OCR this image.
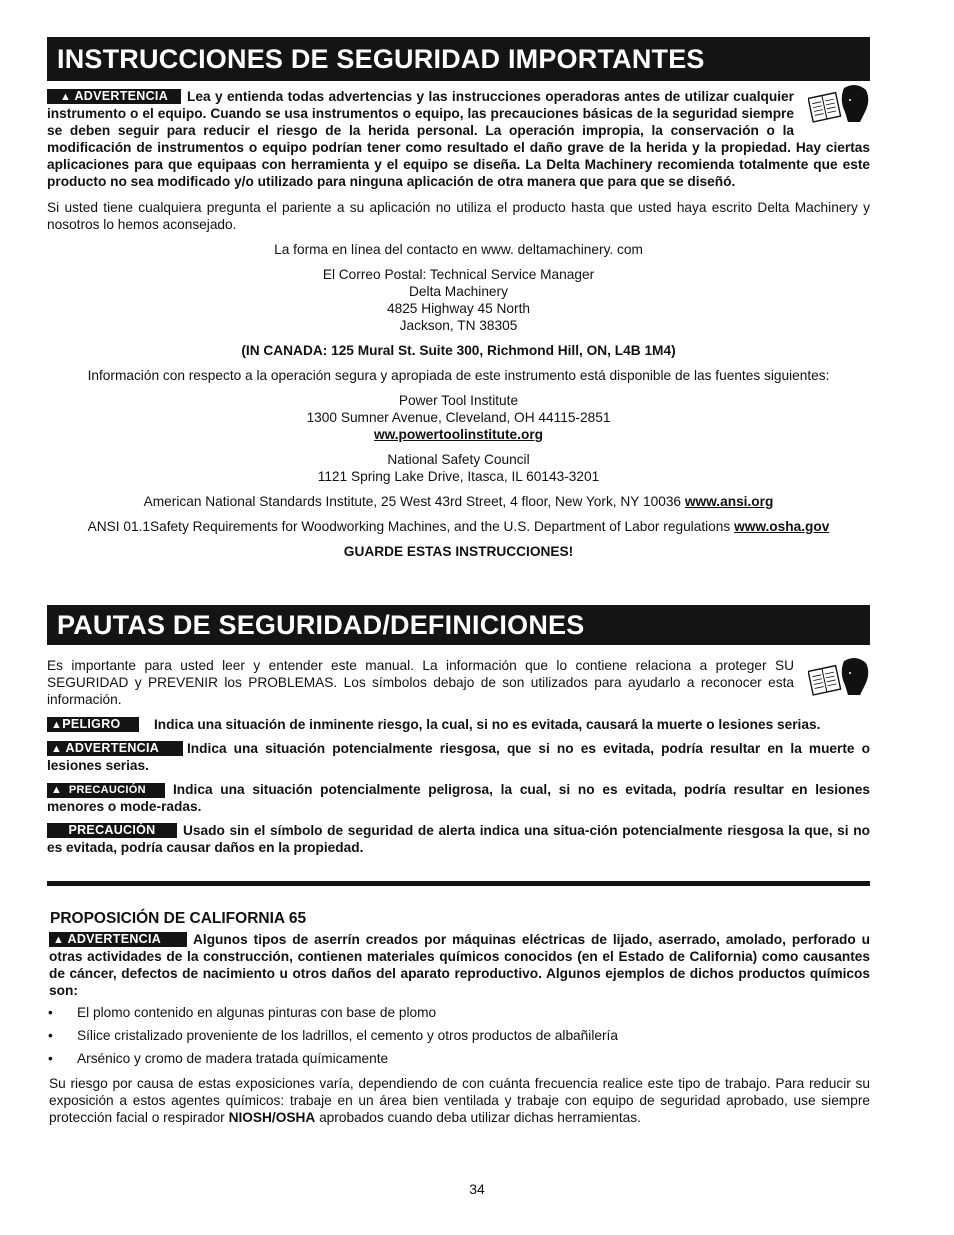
INSTRUCCIONES DE SEGURIDAD IMPORTANTES
▲ ADVERTENCIA Lea y entienda todas advertencias y las instrucciones operadoras antes de utilizar cualquier instrumento o el equipo. Cuando se usa instrumentos o equipo, las precauciones básicas de la seguridad siempre se deben seguir para reducir el riesgo de la herida personal. La operación impropia, la conservación o la modificación de instrumentos o equipo podrían tener como resultado el daño grave de la herida y la propiedad. Hay ciertas aplicaciones para que equipaas con herramienta y el equipo se diseña. La Delta Machinery recomienda totalmente que este producto no sea modificado y/o utilizado para ninguna aplicación de otra manera que para que se diseñó.

Si usted tiene cualquiera pregunta el pariente a su aplicación no utiliza el producto hasta que usted haya escrito Delta Machinery y nosotros lo hemos aconsejado.

La forma en línea del contacto en www. deltamachinery. com

El Correo Postal: Technical Service Manager
Delta Machinery
4825 Highway 45 North
Jackson, TN 38305

(IN CANADA: 125 Mural St. Suite 300, Richmond Hill, ON, L4B 1M4)

Información con respecto a la operación segura y apropiada de este instrumento está disponible de las fuentes siguientes:

Power Tool Institute
1300 Sumner Avenue, Cleveland, OH 44115-2851
ww.powertoolinstitute.org
National Safety Council
1121 Spring Lake Drive, Itasca, IL 60143-3201

American National Standards Institute, 25 West 43rd Street, 4 floor, New York, NY 10036 www.ansi.org

ANSI 01.1Safety Requirements for Woodworking Machines, and the U.S. Department of Labor regulations www.osha.gov

GUARDE ESTAS INSTRUCCIONES!

PAUTAS DE SEGURIDAD/DEFINICIONES
Es importante para usted leer y entender este manual. La información que lo contiene relaciona a proteger SU SEGURIDAD y PREVENIR los PROBLEMAS. Los símbolos debajo de son utilizados para ayudarlo a reconocer esta información.

▲PELIGRO Indica una situación de inminente riesgo, la cual, si no es evitada, causará la muerte o lesiones serias.

▲ ADVERTENCIA Indica una situación potencialmente riesgosa, que si no es evitada, podría resultar en la muerte o lesiones serias.

▲ PRECAUCIÓN Indica una situación potencialmente peligrosa, la cual, si no es evitada, podría resultar en lesiones menores o mode-radas.

PRECAUCIÓN Usado sin el símbolo de seguridad de alerta indica una situa-ción potencialmente riesgosa la que, si no es evitada, podría causar daños en la propiedad.

PROPOSICIÓN DE CALIFORNIA 65

▲ ADVERTENCIA Algunos tipos de aserrín creados por máquinas eléctricas de lijado, aserrado, amolado, perforado u otras actividades de la construcción, contienen materiales químicos conocidos (en el Estado de California) como causantes de cáncer, defectos de nacimiento u otros daños del aparato reproductivo. Algunos ejemplos de dichos productos químicos son:

• El plomo contenido en algunas pinturas con base de plomo
• Sílice cristalizado proveniente de los ladrillos, el cemento y otros productos de albañilería
• Arsénico y cromo de madera tratada químicamente

Su riesgo por causa de estas exposiciones varía, dependiendo de con cuánta frecuencia realice este tipo de trabajo. Para reducir su exposición a estos agentes químicos: trabaje en un área bien ventilada y trabaje con equipo de seguridad aprobado, use siempre protección facial o respirador NIOSH/OSHA aprobados cuando deba utilizar dichas herramientas.

34
